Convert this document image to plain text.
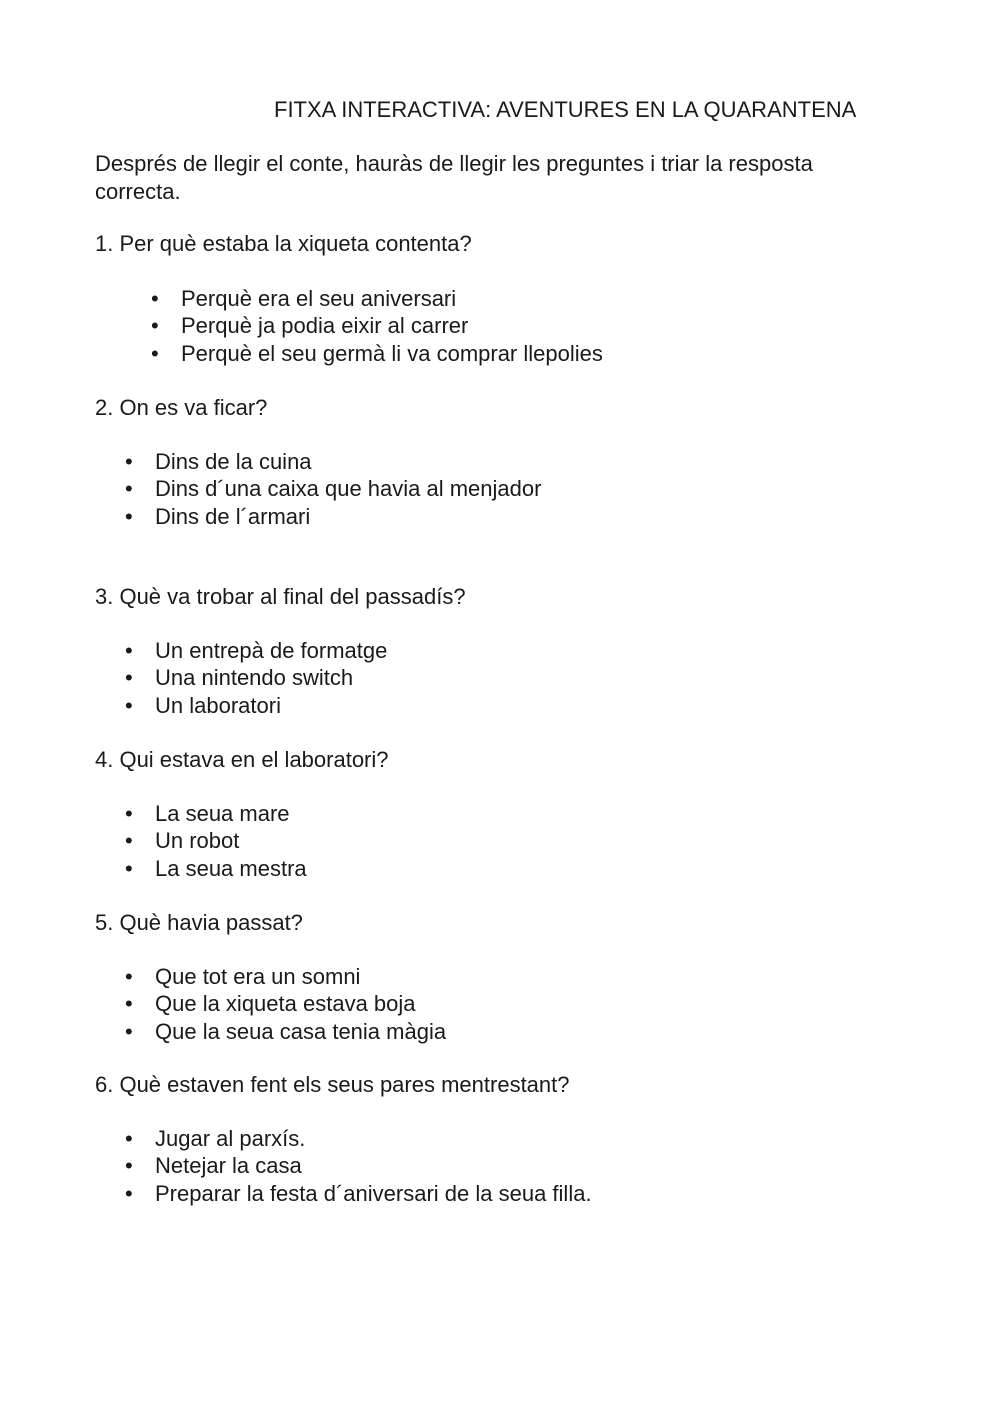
FITXA INTERACTIVA: AVENTURES EN LA QUARANTENA
Després de llegir el conte, hauràs de llegir les preguntes i triar la resposta correcta.
1. Per què estaba la xiqueta contenta?
• Perquè era el seu aniversari
• Perquè ja podia eixir al carrer
• Perquè el seu germà li va comprar llepolies
2. On es va ficar?
• Dins de la cuina
• Dins d´una caixa que havia al menjador
• Dins de l´armari
3. Què va trobar al final del passadís?
• Un entrepà de formatge
• Una nintendo switch
• Un laboratori
4. Qui estava en el laboratori?
• La seua mare
• Un robot
• La seua mestra
5. Què havia passat?
• Que tot era un somni
• Que la xiqueta estava boja
• Que la seua casa tenia màgia
6. Què estaven fent els seus pares mentrestant?
• Jugar al parxís.
• Netejar la casa
• Preparar la festa d´aniversari de la seua filla.
